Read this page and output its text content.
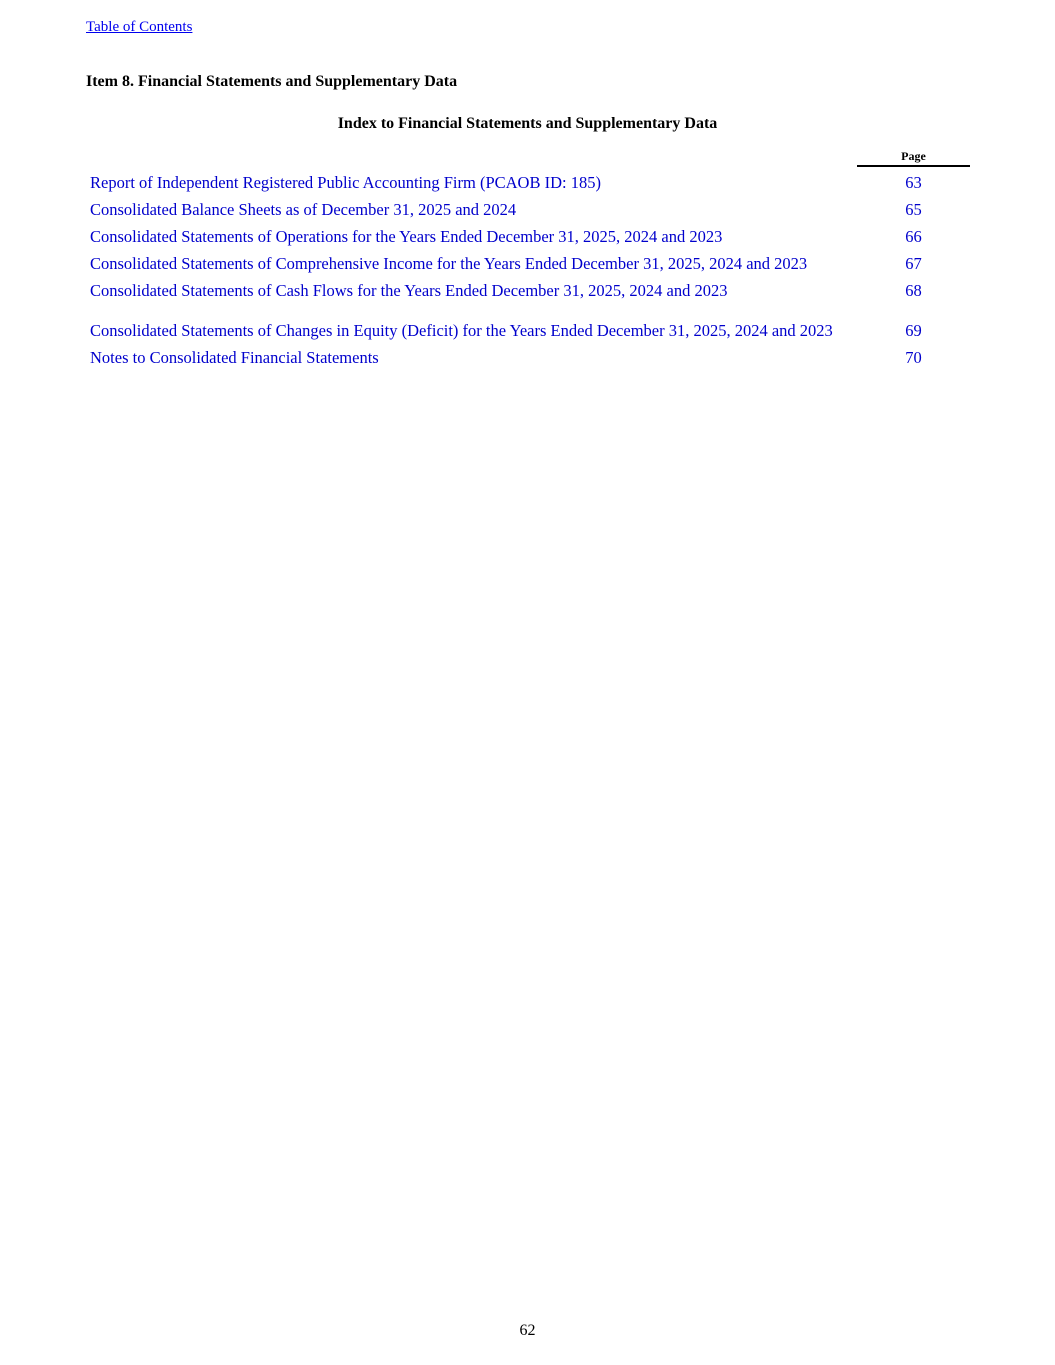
Table of Contents
Item 8. Financial Statements and Supplementary Data
Index to Financial Statements and Supplementary Data
Page
Report of Independent Registered Public Accounting Firm (PCAOB ID: 185)	63
Consolidated Balance Sheets as of December 31, 2025 and 2024	65
Consolidated Statements of Operations for the Years Ended December 31, 2025, 2024 and 2023	66
Consolidated Statements of Comprehensive Income for the Years Ended December 31, 2025, 2024 and 2023	67
Consolidated Statements of Cash Flows for the Years Ended December 31, 2025, 2024 and 2023	68
Consolidated Statements of Changes in Equity (Deficit) for the Years Ended December 31, 2025, 2024 and 2023	69
Notes to Consolidated Financial Statements	70
62
